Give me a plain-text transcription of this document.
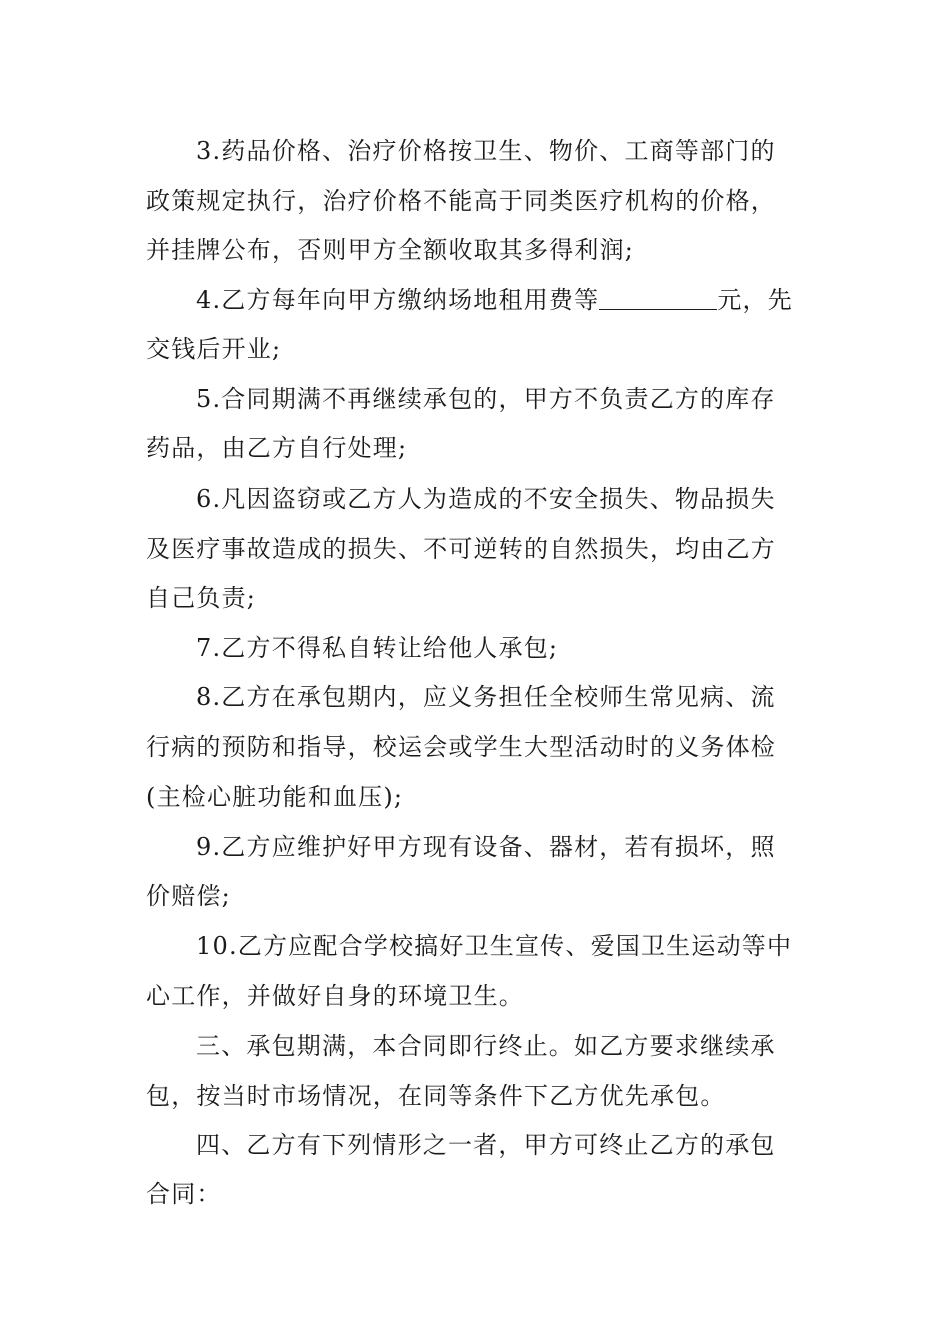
3.药品价格、治疗价格按卫生、物价、工商等部门的
政策规定执行，治疗价格不能高于同类医疗机构的价格，
并挂牌公布，否则甲方全额收取其多得利润;
4.乙方每年向甲方缴纳场地租用费等	元，先
交钱后开业;
5.合同期满不再继续承包的，甲方不负责乙方的库存
药品，由乙方自行处理;
6.凡因盗窃或乙方人为造成的不安全损失、物品损失
及医疗事故造成的损失、不可逆转的自然损失，均由乙方
自己负责;
7.乙方不得私自转让给他人承包;
8.乙方在承包期内，应义务担任全校师生常见病、流
行病的预防和指导，校运会或学生大型活动时的义务体检
(主检心脏功能和血压);
9.乙方应维护好甲方现有设备、器材，若有损坏，照
价赔偿;
10.乙方应配合学校搞好卫生宣传、爱国卫生运动等中
心工作，并做好自身的环境卫生。
三、承包期满，本合同即行终止。如乙方要求继续承
包，按当时市场情况，在同等条件下乙方优先承包。
四、乙方有下列情形之一者，甲方可终止乙方的承包
合同：
